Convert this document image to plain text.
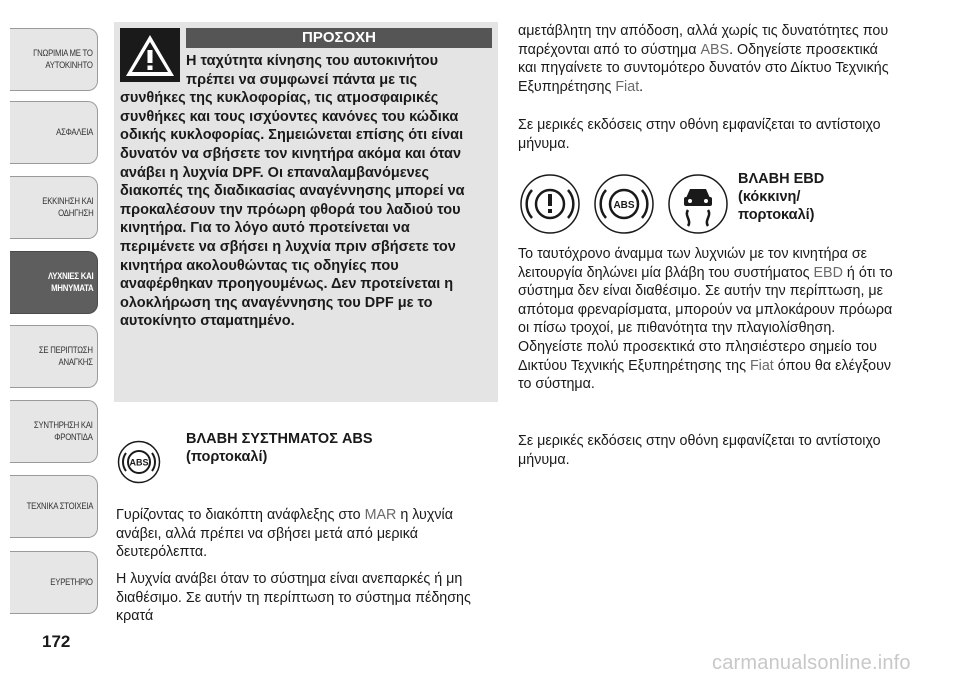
ΓΝΩΡΙΜΙΑ ΜΕ ΤΟ
ΑΥΤΟΚΙΝΗΤΟ
ΑΣΦΑΛΕΙΑ
ΕΚΚΙΝΗΣΗ ΚΑΙ
ΟΔΗΓΗΣΗ
ΛΥΧΝΙΕΣ ΚΑΙ
ΜΗΝΥΜΑΤΑ
ΣΕ ΠΕΡΙΠΤΩΣΗ
ΑΝΑΓΚΗΣ
ΣΥΝΤΗΡΗΣΗ ΚΑΙ
ΦΡΟΝΤΙΔΑ
ΤΕΧΝΙΚΑ ΣΤΟΙΧΕΙΑ
ΕΥΡΕΤΗΡΙΟ
172
ΠΡΟΣΟΧΗ
Η ταχύτητα κίνησης του αυτοκινήτου πρέπει να συμφωνεί πάντα με τις
συνθήκες της κυκλοφορίας, τις ατμοσφαιρικές συνθήκες και τους ισχύοντες κανόνες του κώδικα οδικής κυκλοφορίας. Σημειώνεται επίσης ότι είναι δυνατόν να σβήσετε τον κινητήρα ακόμα και όταν ανάβει η λυχνία DPF. Οι επαναλαμβανόμενες διακοπές της διαδικασίας αναγέννησης μπορεί να προκαλέσουν την πρόωρη φθορά του λαδιού του κινητήρα. Για το λόγο αυτό προτείνεται να περιμένετε να σβήσει η λυχνία πριν σβήσετε τον κινητήρα ακολουθώντας τις οδηγίες που αναφέρθηκαν προηγουμένως. Δεν προτείνεται η ολοκλήρωση της αναγέννησης του DPF με το αυτοκίνητο σταματημένο.
ABS
ΒΛΑΒΗ ΣΥΣΤΗΜΑΤΟΣ ABS
(πορτοκαλί)
Γυρίζοντας το διακόπτη ανάφλεξης στο MAR η λυχνία ανάβει, αλλά πρέπει να σβήσει μετά από μερικά δευτερόλεπτα.
Η λυχνία ανάβει όταν το σύστημα είναι ανεπαρκές ή μη διαθέσιμο. Σε αυτήν τη περίπτωση το σύστημα πέδησης κρατά
αμετάβλητη την απόδοση, αλλά χωρίς τις δυνατότητες που παρέχονται από το σύστημα ABS. Οδηγείστε προσεκτικά και πηγαίνετε το συντομότερο δυνατόν στο Δίκτυο Τεχνικής Εξυπηρέτησης Fiat.
Σε μερικές εκδόσεις στην οθόνη εμφανίζεται το αντίστοιχο μήνυμα.
ABS
ΒΛΑΒΗ EBD
(κόκκινη/
πορτοκαλί)
Το ταυτόχρονο άναμμα των λυχνιών με τον κινητήρα σε λειτουργία δηλώνει μία βλάβη του συστήματος EBD ή ότι το σύστημα δεν είναι διαθέσιμο. Σε αυτήν την περίπτωση, με απότομα φρεναρίσματα, μπορούν να μπλοκάρουν πρόωρα οι πίσω τροχοί, με πιθανότητα την πλαγιολίσθηση. Οδηγείστε πολύ προσεκτικά στο πλησιέστερο σημείο του Δικτύου Τεχνικής Εξυπηρέτησης της Fiat όπου θα ελέγξουν το σύστημα.
Σε μερικές εκδόσεις στην οθόνη εμφανίζεται το αντίστοιχο μήνυμα.
carmanualsonline.info
